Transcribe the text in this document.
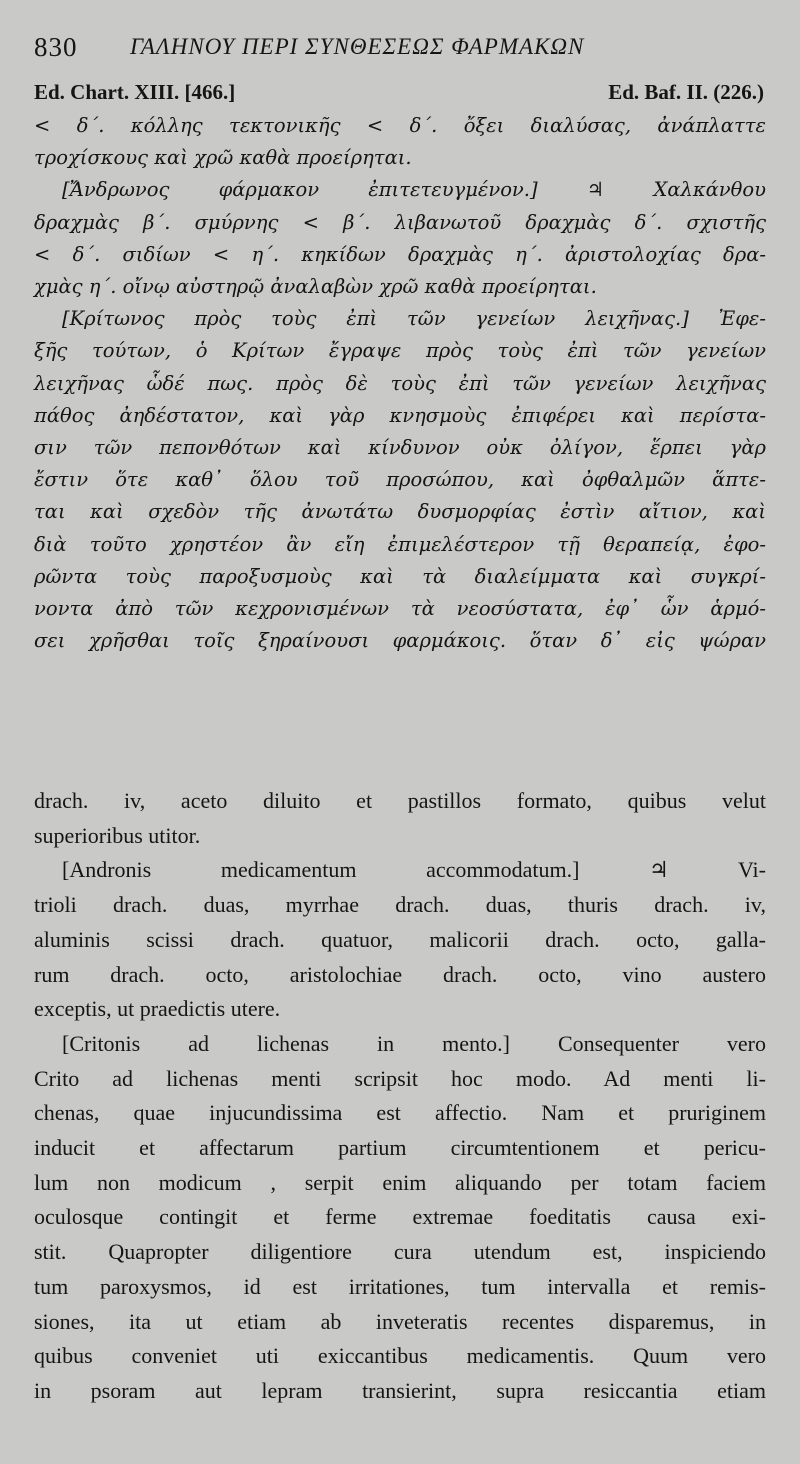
830 ΓΑΛΗΝΟΥ ΠΕΡΙ ΣΥΝΘΕΣΕΩΣ ΦΑΡΜΑΚΩΝ
Ed. Chart. XIII. [466.]	Ed. Baf. II. (226.)
< δ΄. κόλλης τεκτονικῆς < δ΄. ὄξει διαλύσας, ἀνάπλαττε
τροχίσκους καὶ χρῶ καθὰ προείρηται.
[Ἄνδρωνος φάρμακον ἐπιτετευγμένον.] ♃ Χαλκάνθου
δραχμὰς β΄. σμύρνης < β΄. λιβανωτοῦ δραχμὰς δ΄. σχιστῆς
< δ΄. σιδίων < η΄. κηκίδων δραχμὰς η΄. ἀριστολοχίας δρα-
χμὰς η΄. οἴνῳ αὐστηρῷ ἀναλαβὼν χρῶ καθὰ προείρηται.
[Κρίτωνος πρὸς τοὺς ἐπὶ τῶν γενείων λειχῆνας.] Ἐφε-
ξῆς τούτων, ὁ Κρίτων ἔγραψε πρὸς τοὺς ἐπὶ τῶν γενείων
λειχῆνας ὧδέ πως. πρὸς δὲ τοὺς ἐπὶ τῶν γενείων λειχῆνας
πάθος ἀηδέστατον, καὶ γὰρ κνησμοὺς ἐπιφέρει καὶ περίστα-
σιν τῶν πεπονθότων καὶ κίνδυνον οὐκ ὀλίγον, ἕρπει γὰρ
ἔστιν ὅτε καθ᾿ ὅλου τοῦ προσώπου, καὶ ὀφθαλμῶν ἅπτε-
ται καὶ σχεδὸν τῆς ἀνωτάτω δυσμορφίας ἐστὶν αἴτιον, καὶ
διὰ τοῦτο χρηστέον ἂν εἴη ἐπιμελέστερον τῇ θεραπείᾳ, ἐφο-
ρῶντα τοὺς παροξυσμοὺς καὶ τὰ διαλείμματα καὶ συγκρί-
νοντα ἀπὸ τῶν κεχρονισμένων τὰ νεοσύστατα, ἐφ᾿ ὧν ἁρμό-
σει χρῆσθαι τοῖς ξηραίνουσι φαρμάκοις. ὅταν δ᾿ εἰς ψώραν
drach. iv, aceto diluito et pastillos formato, quibus velut
superioribus utitor.
[Andronis medicamentum accommodatum.] ♃ Vi-
trioli drach. duas, myrrhae drach. duas, thuris drach. iv,
aluminis scissi drach. quatuor, malicorii drach. octo, galla-
rum drach. octo, aristolochiae drach. octo, vino austero
exceptis, ut praedictis utere.
[Critonis ad lichenas in mento.] Consequenter vero
Crito ad lichenas menti scripsit hoc modo. Ad menti li-
chenas, quae injucundissima est affectio. Nam et pruriginem
inducit et affectarum partium circumtentionem et pericu-
lum non modicum , serpit enim aliquando per totam faciem
oculosque contingit et ferme extremae foeditatis causa exi-
stit. Quapropter diligentiore cura utendum est, inspiciendo
tum paroxysmos, id est irritationes, tum intervalla et remis-
siones, ita ut etiam ab inveteratis recentes disparemus, in
quibus conveniet uti exiccantibus medicamentis. Quum vero
in psoram aut lepram transierint, supra resiccantia etiam
